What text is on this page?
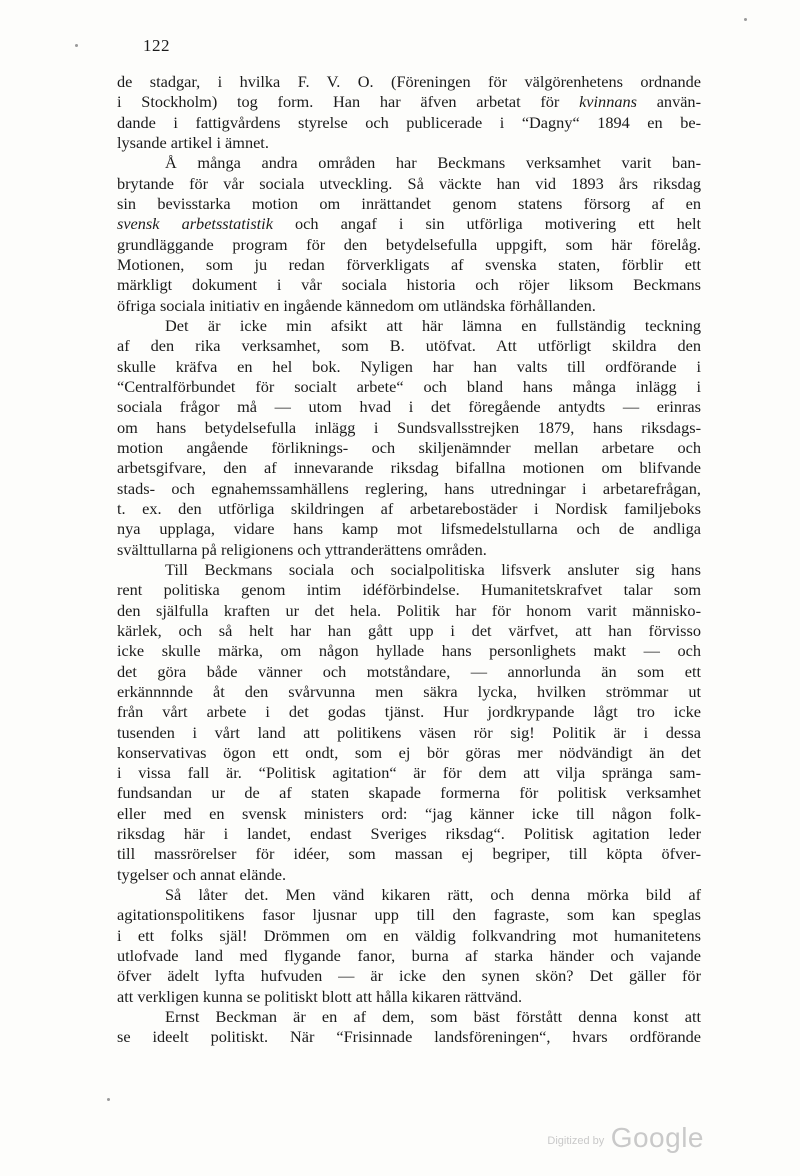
122
de stadgar, i hvilka F. V. O. (Föreningen för välgörenhetens ordnande
i Stockholm) tog form. Han har äfven arbetat för kvinnans använ-
dande i fattigvårdens styrelse och publicerade i “Dagny“ 1894 en be-
lysande artikel i ämnet.
Å många andra områden har Beckmans verksamhet varit ban-
brytande för vår sociala utveckling. Så väckte han vid 1893 års riksdag
sin bevisstarka motion om inrättandet genom statens försorg af en
svensk arbetsstatistik och angaf i sin utförliga motivering ett helt
grundläggande program för den betydelsefulla uppgift, som här förelåg.
Motionen, som ju redan förverkligats af svenska staten, förblir ett
märkligt dokument i vår sociala historia och röjer liksom Beckmans
öfriga sociala initiativ en ingående kännedom om utländska förhållanden.
Det är icke min afsikt att här lämna en fullständig teckning
af den rika verksamhet, som B. utöfvat. Att utförligt skildra den
skulle kräfva en hel bok. Nyligen har han valts till ordförande i
“Centralförbundet för socialt arbete“ och bland hans många inlägg i
sociala frågor må — utom hvad i det föregående antydts — erinras
om hans betydelsefulla inlägg i Sundsvallsstrejken 1879, hans riksdags-
motion angående förliknings- och skiljenämnder mellan arbetare och
arbetsgifvare, den af innevarande riksdag bifallna motionen om blifvande
stads- och egnahemssamhällens reglering, hans utredningar i arbetarefrågan,
t. ex. den utförliga skildringen af arbetarebostäder i Nordisk familjeboks
nya upplaga, vidare hans kamp mot lifsmedelstullarna och de andliga
svälttullarna på religionens och yttranderättens områden.
Till Beckmans sociala och socialpolitiska lifsverk ansluter sig hans
rent politiska genom intim idéförbindelse. Humanitetskrafvet talar som
den själfulla kraften ur det hela. Politik har för honom varit människo-
kärlek, och så helt har han gått upp i det värfvet, att han förvisso
icke skulle märka, om någon hyllade hans personlighets makt — och
det göra både vänner och motståndare, — annorlunda än som ett
erkännnnde åt den svårvunna men säkra lycka, hvilken strömmar ut
från vårt arbete i det godas tjänst. Hur jordkrypande lågt tro icke
tusenden i vårt land att politikens väsen rör sig! Politik är i dessa
konservativas ögon ett ondt, som ej bör göras mer nödvändigt än det
i vissa fall är. “Politisk agitation“ är för dem att vilja spränga sam-
fundsandan ur de af staten skapade formerna för politisk verksamhet
eller med en svensk ministers ord: “jag känner icke till någon folk-
riksdag här i landet, endast Sveriges riksdag“. Politisk agitation leder
till massrörelser för idéer, som massan ej begriper, till köpta öfver-
tygelser och annat elände.
Så låter det. Men vänd kikaren rätt, och denna mörka bild af
agitationspolitikens fasor ljusnar upp till den fagraste, som kan speglas
i ett folks själ! Drömmen om en väldig folkvandring mot humanitetens
utlofvade land med flygande fanor, burna af starka händer och vajande
öfver ädelt lyfta hufvuden — är icke den synen skön? Det gäller för
att verkligen kunna se politiskt blott att hålla kikaren rättvänd.
Ernst Beckman är en af dem, som bäst förstått denna konst att
se ideelt politiskt. När “Frisinnade landsföreningen“, hvars ordförande
Digitized by Google
